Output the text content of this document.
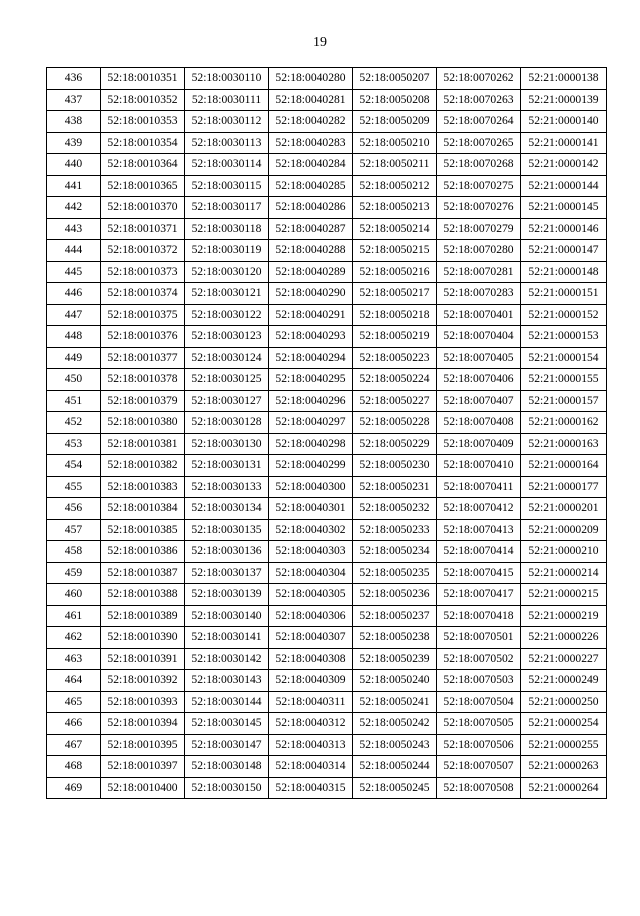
19
436	52:18:0010351	52:18:0030110	52:18:0040280	52:18:0050207	52:18:0070262	52:21:0000138
437	52:18:0010352	52:18:0030111	52:18:0040281	52:18:0050208	52:18:0070263	52:21:0000139
438	52:18:0010353	52:18:0030112	52:18:0040282	52:18:0050209	52:18:0070264	52:21:0000140
439	52:18:0010354	52:18:0030113	52:18:0040283	52:18:0050210	52:18:0070265	52:21:0000141
440	52:18:0010364	52:18:0030114	52:18:0040284	52:18:0050211	52:18:0070268	52:21:0000142
441	52:18:0010365	52:18:0030115	52:18:0040285	52:18:0050212	52:18:0070275	52:21:0000144
442	52:18:0010370	52:18:0030117	52:18:0040286	52:18:0050213	52:18:0070276	52:21:0000145
443	52:18:0010371	52:18:0030118	52:18:0040287	52:18:0050214	52:18:0070279	52:21:0000146
444	52:18:0010372	52:18:0030119	52:18:0040288	52:18:0050215	52:18:0070280	52:21:0000147
445	52:18:0010373	52:18:0030120	52:18:0040289	52:18:0050216	52:18:0070281	52:21:0000148
446	52:18:0010374	52:18:0030121	52:18:0040290	52:18:0050217	52:18:0070283	52:21:0000151
447	52:18:0010375	52:18:0030122	52:18:0040291	52:18:0050218	52:18:0070401	52:21:0000152
448	52:18:0010376	52:18:0030123	52:18:0040293	52:18:0050219	52:18:0070404	52:21:0000153
449	52:18:0010377	52:18:0030124	52:18:0040294	52:18:0050223	52:18:0070405	52:21:0000154
450	52:18:0010378	52:18:0030125	52:18:0040295	52:18:0050224	52:18:0070406	52:21:0000155
451	52:18:0010379	52:18:0030127	52:18:0040296	52:18:0050227	52:18:0070407	52:21:0000157
452	52:18:0010380	52:18:0030128	52:18:0040297	52:18:0050228	52:18:0070408	52:21:0000162
453	52:18:0010381	52:18:0030130	52:18:0040298	52:18:0050229	52:18:0070409	52:21:0000163
454	52:18:0010382	52:18:0030131	52:18:0040299	52:18:0050230	52:18:0070410	52:21:0000164
455	52:18:0010383	52:18:0030133	52:18:0040300	52:18:0050231	52:18:0070411	52:21:0000177
456	52:18:0010384	52:18:0030134	52:18:0040301	52:18:0050232	52:18:0070412	52:21:0000201
457	52:18:0010385	52:18:0030135	52:18:0040302	52:18:0050233	52:18:0070413	52:21:0000209
458	52:18:0010386	52:18:0030136	52:18:0040303	52:18:0050234	52:18:0070414	52:21:0000210
459	52:18:0010387	52:18:0030137	52:18:0040304	52:18:0050235	52:18:0070415	52:21:0000214
460	52:18:0010388	52:18:0030139	52:18:0040305	52:18:0050236	52:18:0070417	52:21:0000215
461	52:18:0010389	52:18:0030140	52:18:0040306	52:18:0050237	52:18:0070418	52:21:0000219
462	52:18:0010390	52:18:0030141	52:18:0040307	52:18:0050238	52:18:0070501	52:21:0000226
463	52:18:0010391	52:18:0030142	52:18:0040308	52:18:0050239	52:18:0070502	52:21:0000227
464	52:18:0010392	52:18:0030143	52:18:0040309	52:18:0050240	52:18:0070503	52:21:0000249
465	52:18:0010393	52:18:0030144	52:18:0040311	52:18:0050241	52:18:0070504	52:21:0000250
466	52:18:0010394	52:18:0030145	52:18:0040312	52:18:0050242	52:18:0070505	52:21:0000254
467	52:18:0010395	52:18:0030147	52:18:0040313	52:18:0050243	52:18:0070506	52:21:0000255
468	52:18:0010397	52:18:0030148	52:18:0040314	52:18:0050244	52:18:0070507	52:21:0000263
469	52:18:0010400	52:18:0030150	52:18:0040315	52:18:0050245	52:18:0070508	52:21:0000264
